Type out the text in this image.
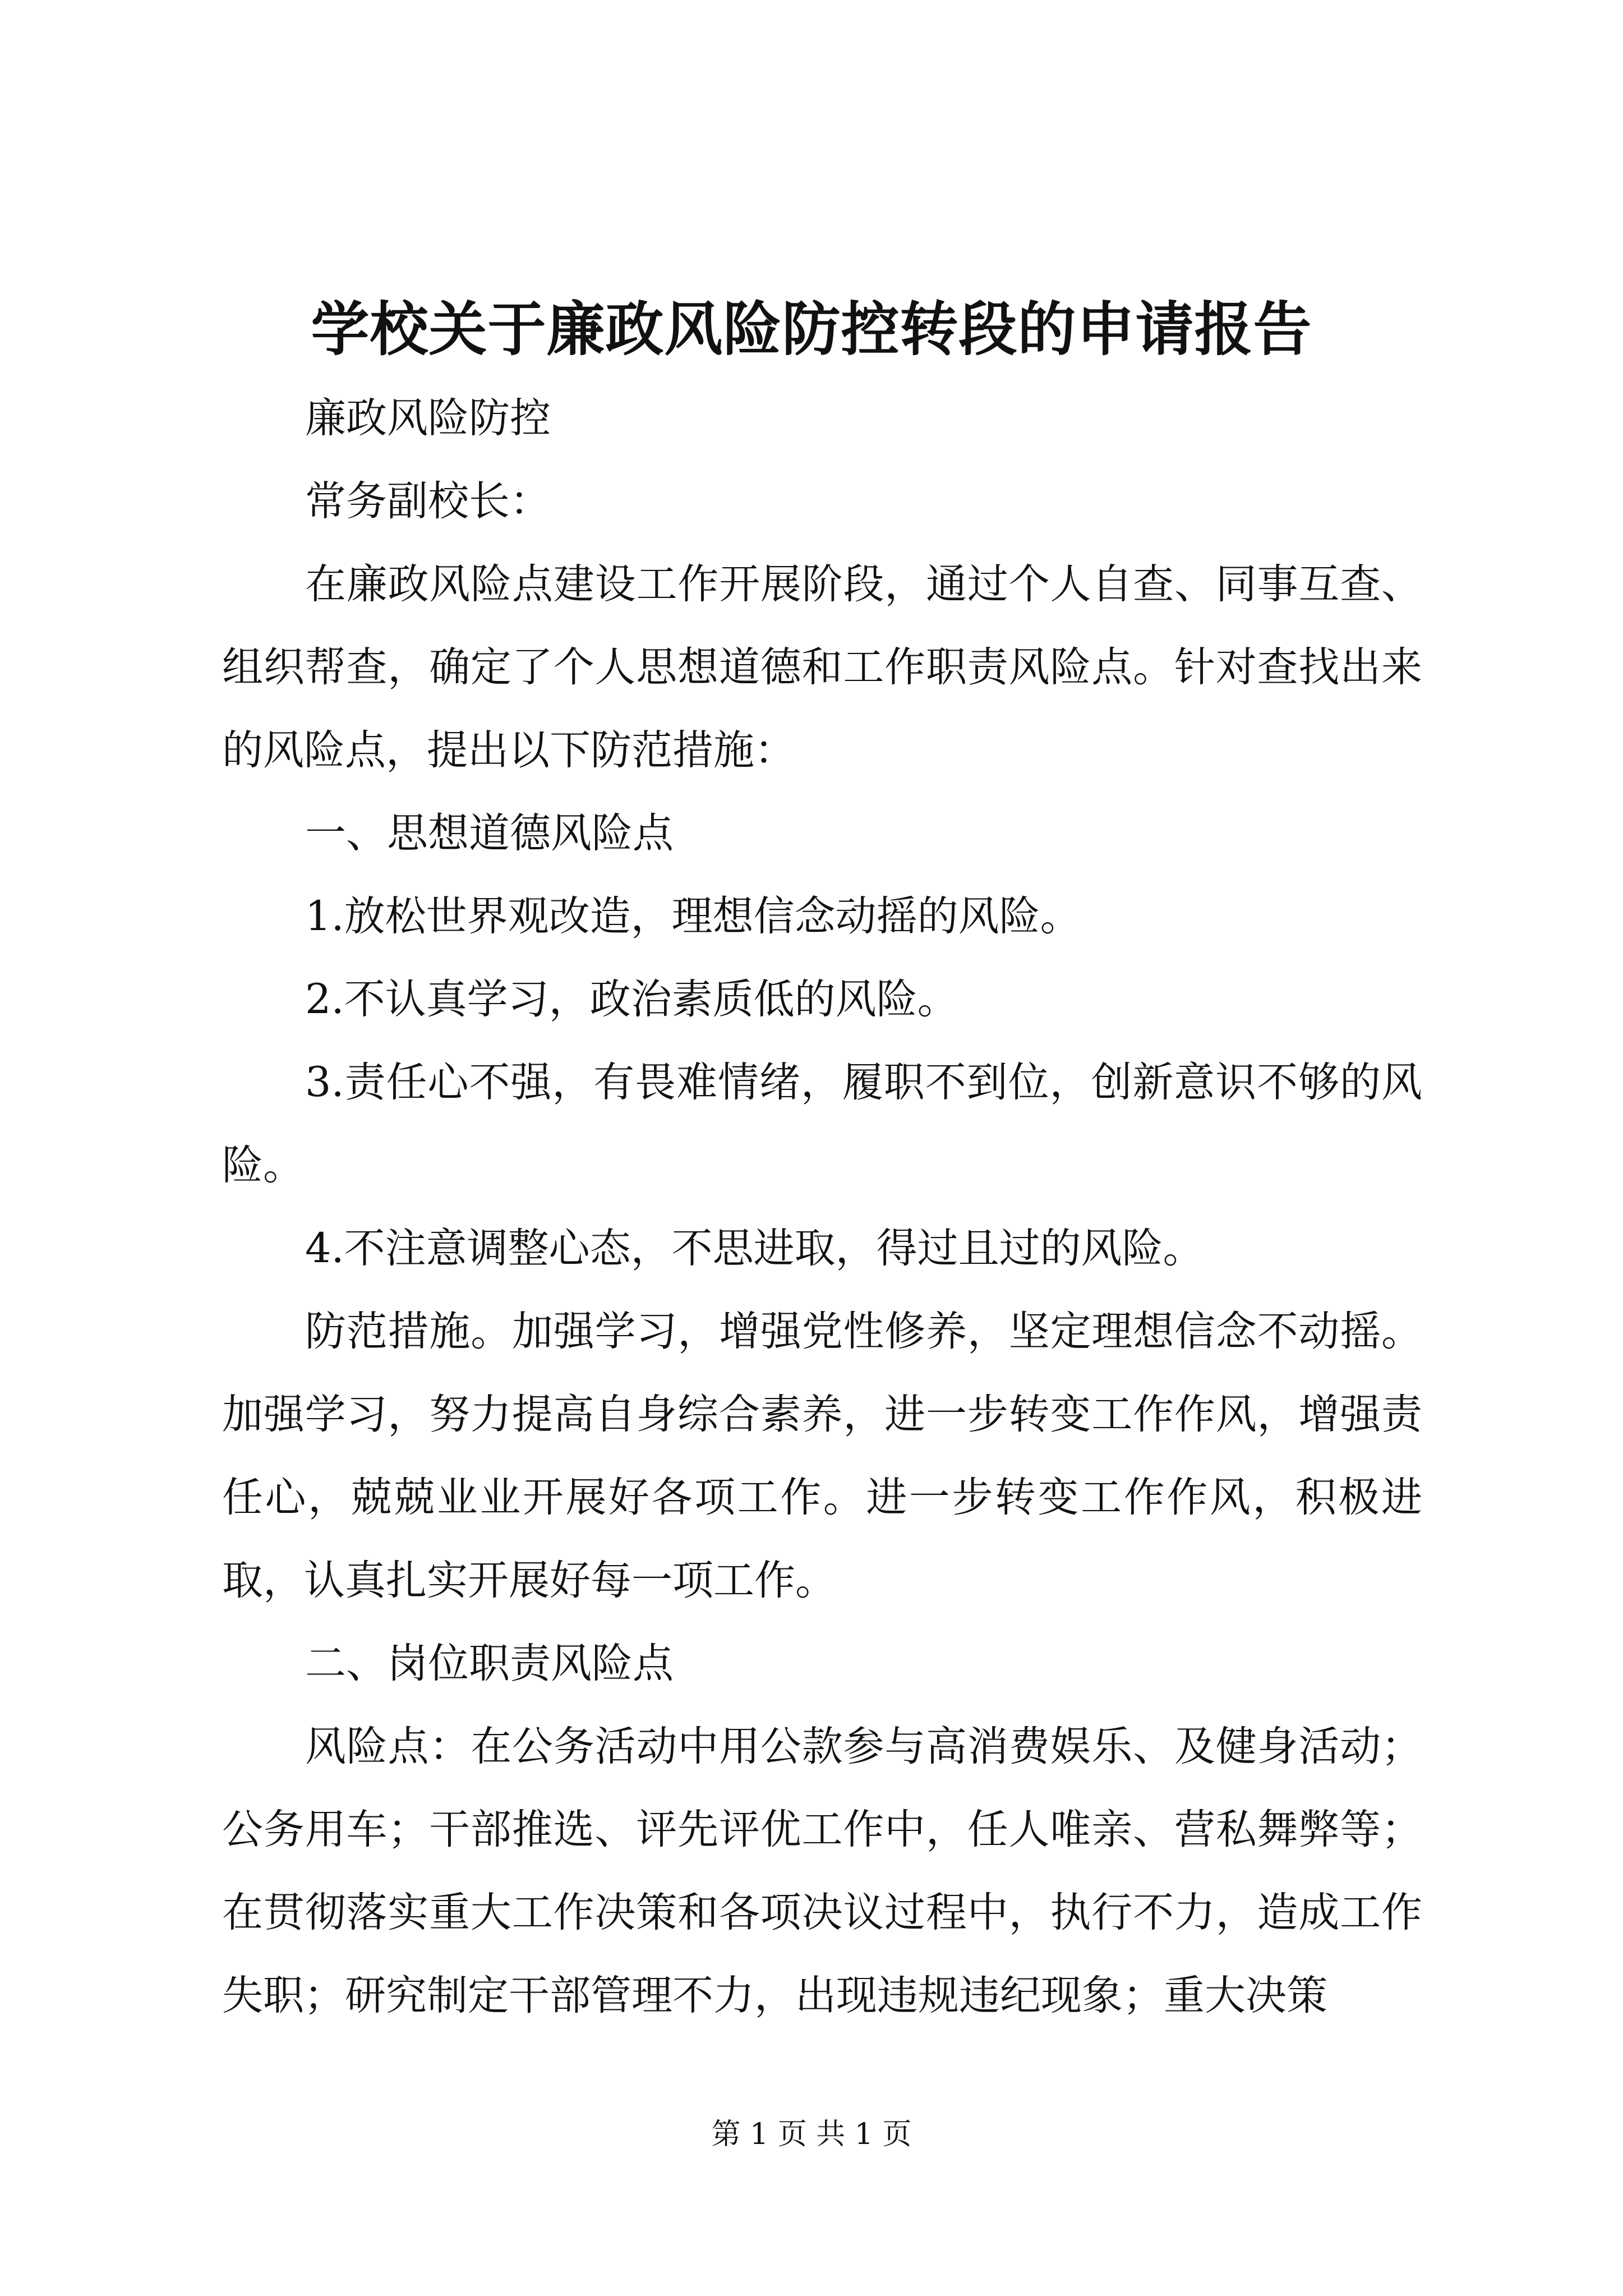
学校关于廉政风险防控转段的申请报告

廉政风险防控

常务副校长：

在廉政风险点建设工作开展阶段，通过个人自查、同事互查、组织帮查，确定了个人思想道德和工作职责风险点。针对查找出来的风险点，提出以下防范措施：

一、思想道德风险点

1.放松世界观改造，理想信念动摇的风险。

2.不认真学习，政治素质低的风险。

3.责任心不强，有畏难情绪，履职不到位，创新意识不够的风险。

4.不注意调整心态，不思进取，得过且过的风险。

防范措施。加强学习，增强党性修养，坚定理想信念不动摇。加强学习，努力提高自身综合素养，进一步转变工作作风，增强责任心，兢兢业业开展好各项工作。进一步转变工作作风，积极进取，认真扎实开展好每一项工作。

二、岗位职责风险点

风险点：在公务活动中用公款参与高消费娱乐、及健身活动；公务用车；干部推选、评先评优工作中，任人唯亲、营私舞弊等；在贯彻落实重大工作决策和各项决议过程中，执行不力，造成工作失职；研究制定干部管理不力，出现违规违纪现象；重大决策

第 1 页 共 1 页
